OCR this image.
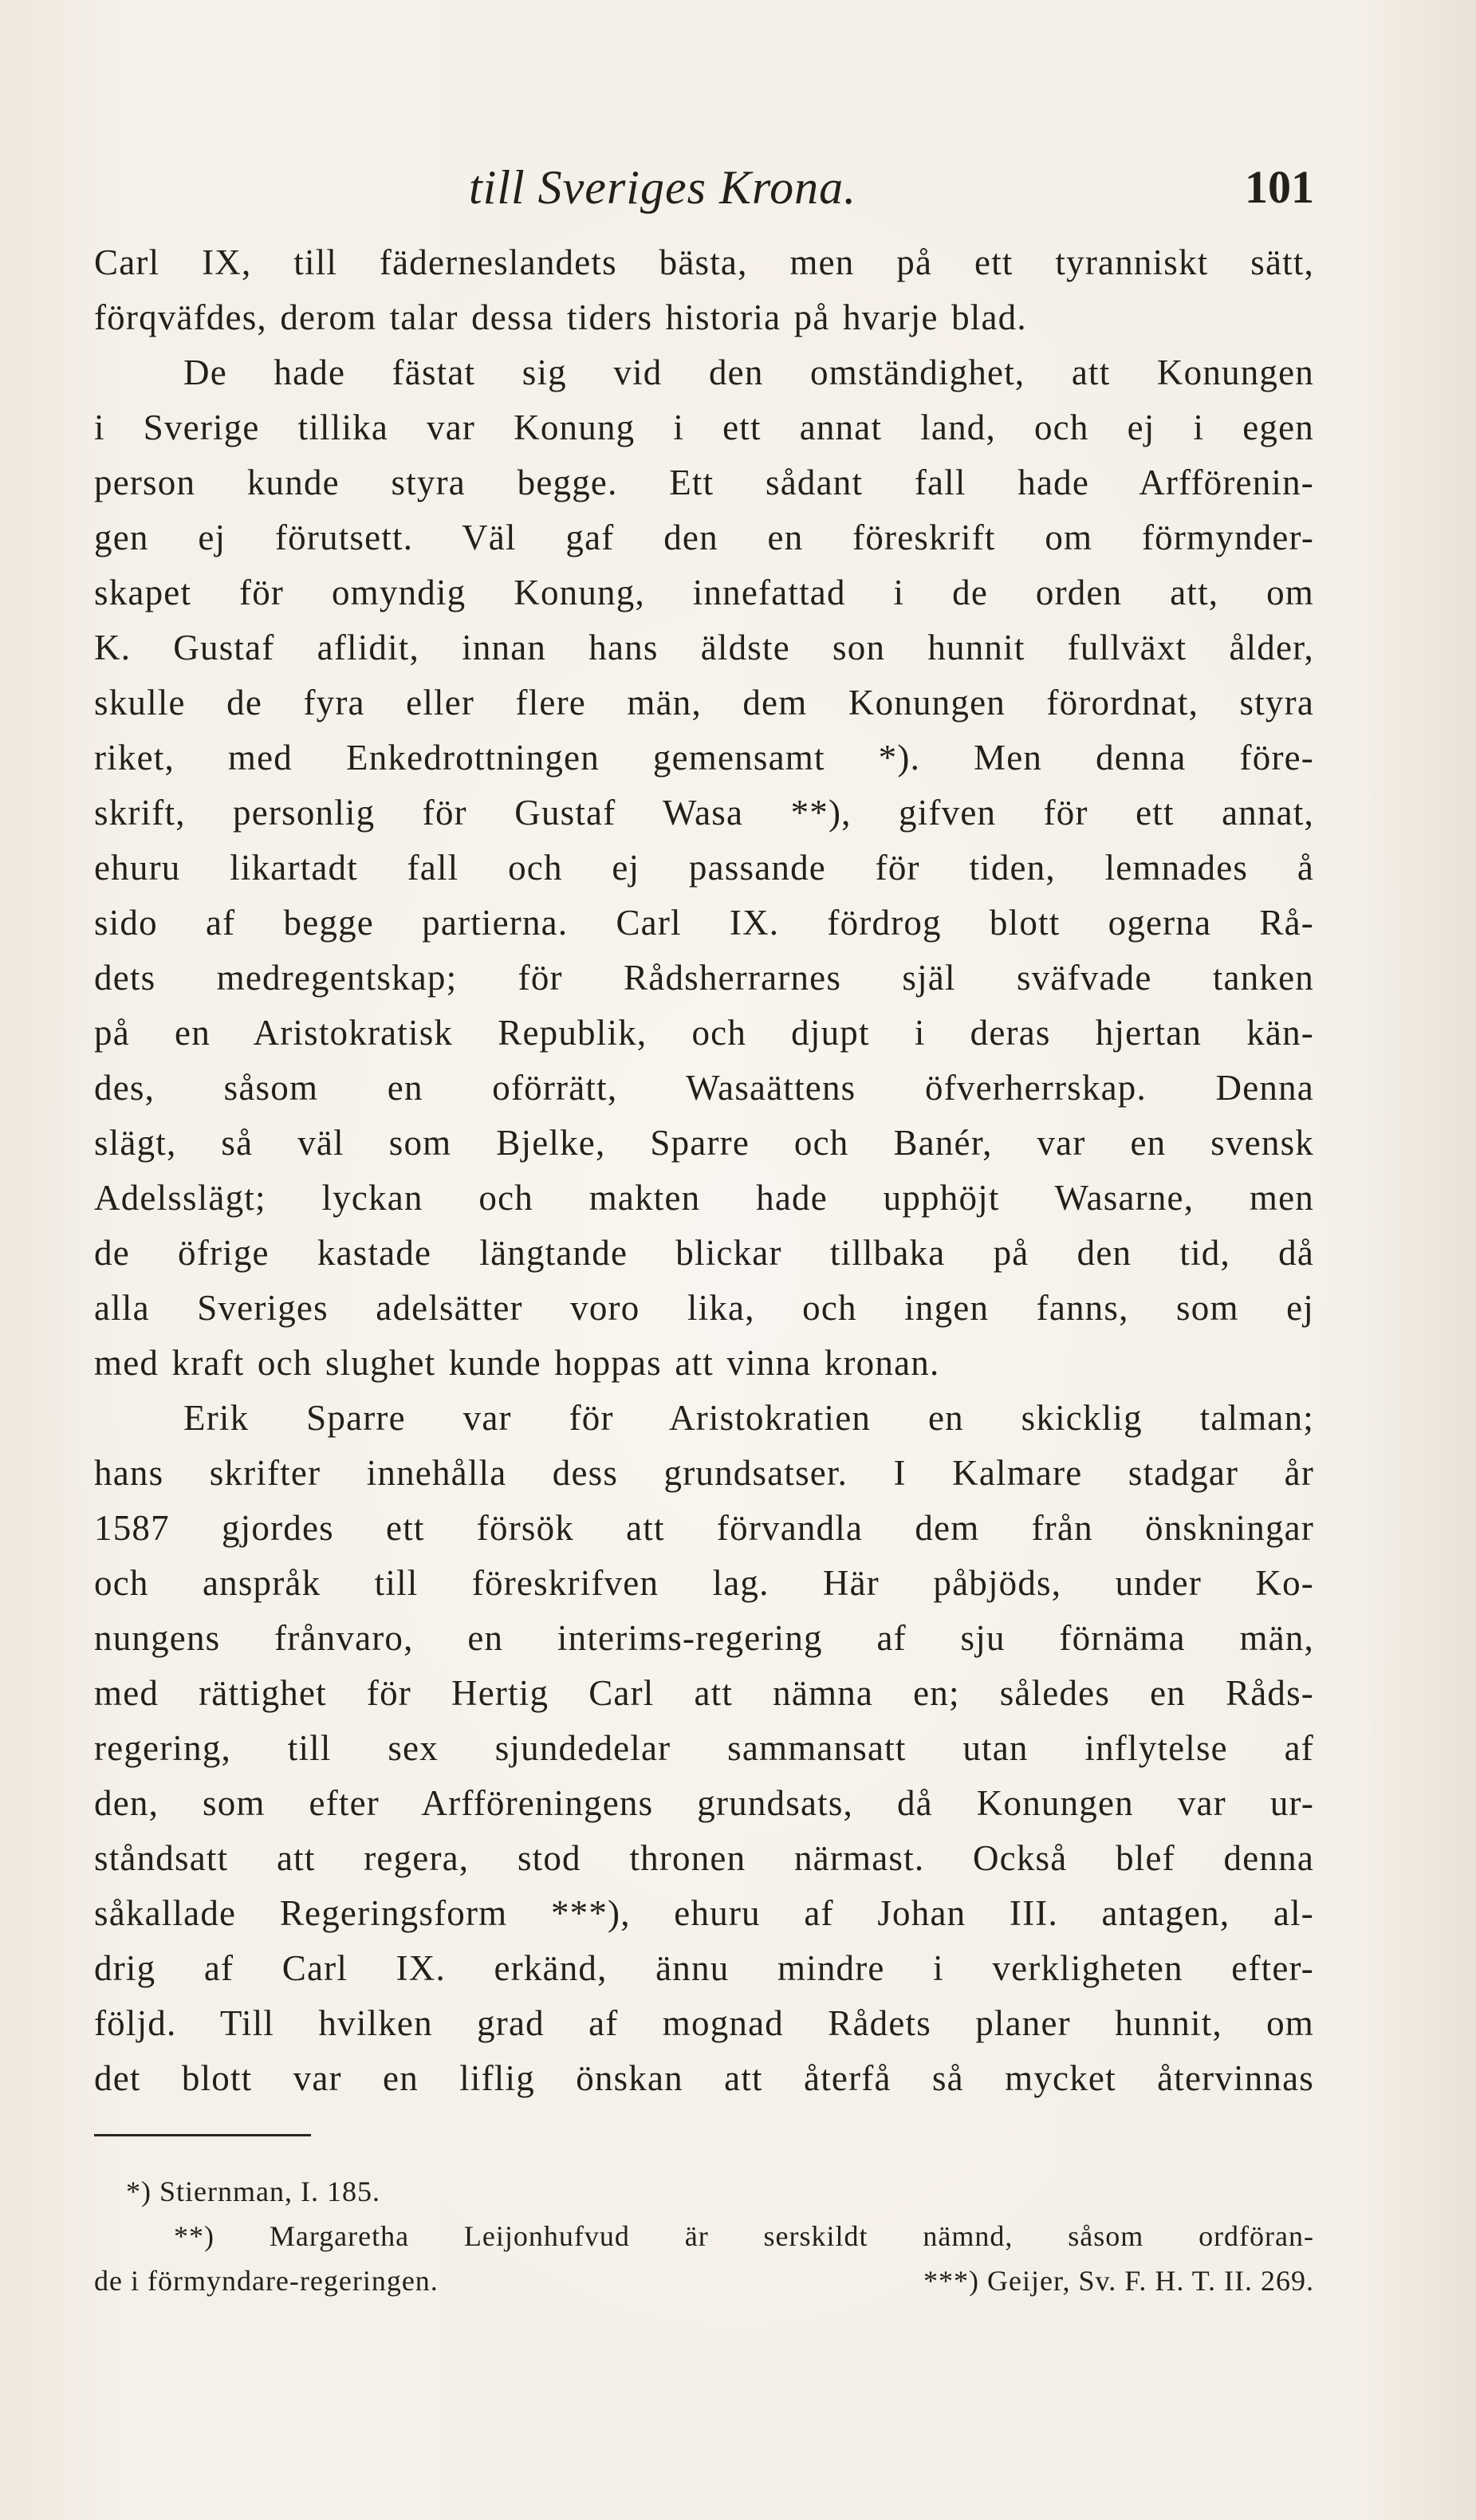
till Sveriges Krona.	101
Carl IX, till fäderneslandets bästa, men på ett tyranniskt sätt,
förqväfdes, derom talar dessa tiders historia på hvarje blad.
De hade fästat sig vid den omständighet, att Konungen
i Sverige tillika var Konung i ett annat land, och ej i egen
person kunde styra begge. Ett sådant fall hade Arfförenin-
gen ej förutsett. Väl gaf den en föreskrift om förmynder-
skapet för omyndig Konung, innefattad i de orden att, om
K. Gustaf aflidit, innan hans äldste son hunnit fullväxt ålder,
skulle de fyra eller flere män, dem Konungen förordnat, styra
riket, med Enkedrottningen gemensamt *). Men denna före-
skrift, personlig för Gustaf Wasa **), gifven för ett annat,
ehuru likartadt fall och ej passande för tiden, lemnades å
sido af begge partierna. Carl IX. fördrog blott ogerna Rå-
dets medregentskap; för Rådsherrarnes själ sväfvade tanken
på en Aristokratisk Republik, och djupt i deras hjertan kän-
des, såsom en oförrätt, Wasaättens öfverherrskap. Denna
slägt, så väl som Bjelke, Sparre och Banér, var en svensk
Adelsslägt; lyckan och makten hade upphöjt Wasarne, men
de öfrige kastade längtande blickar tillbaka på den tid, då
alla Sveriges adelsätter voro lika, och ingen fanns, som ej
med kraft och slughet kunde hoppas att vinna kronan.
Erik Sparre var för Aristokratien en skicklig talman;
hans skrifter innehålla dess grundsatser. I Kalmare stadgar år
1587 gjordes ett försök att förvandla dem från önskningar
och anspråk till föreskrifven lag. Här påbjöds, under Ko-
nungens frånvaro, en interims-regering af sju förnäma män,
med rättighet för Hertig Carl att nämna en; således en Råds-
regering, till sex sjundedelar sammansatt utan inflytelse af
den, som efter Arfföreningens grundsats, då Konungen var ur-
ståndsatt att regera, stod thronen närmast. Också blef denna
såkallade Regeringsform ***), ehuru af Johan III. antagen, al-
drig af Carl IX. erkänd, ännu mindre i verkligheten efter-
följd. Till hvilken grad af mognad Rådets planer hunnit, om
det blott var en liflig önskan att återfå så mycket återvinnas
*) Stiernman, I. 185.
**) Margaretha Leijonhufvud är serskildt nämnd, såsom ordföran-
de i förmyndare-regeringen.	***) Geijer, Sv. F. H. T. II. 269.
